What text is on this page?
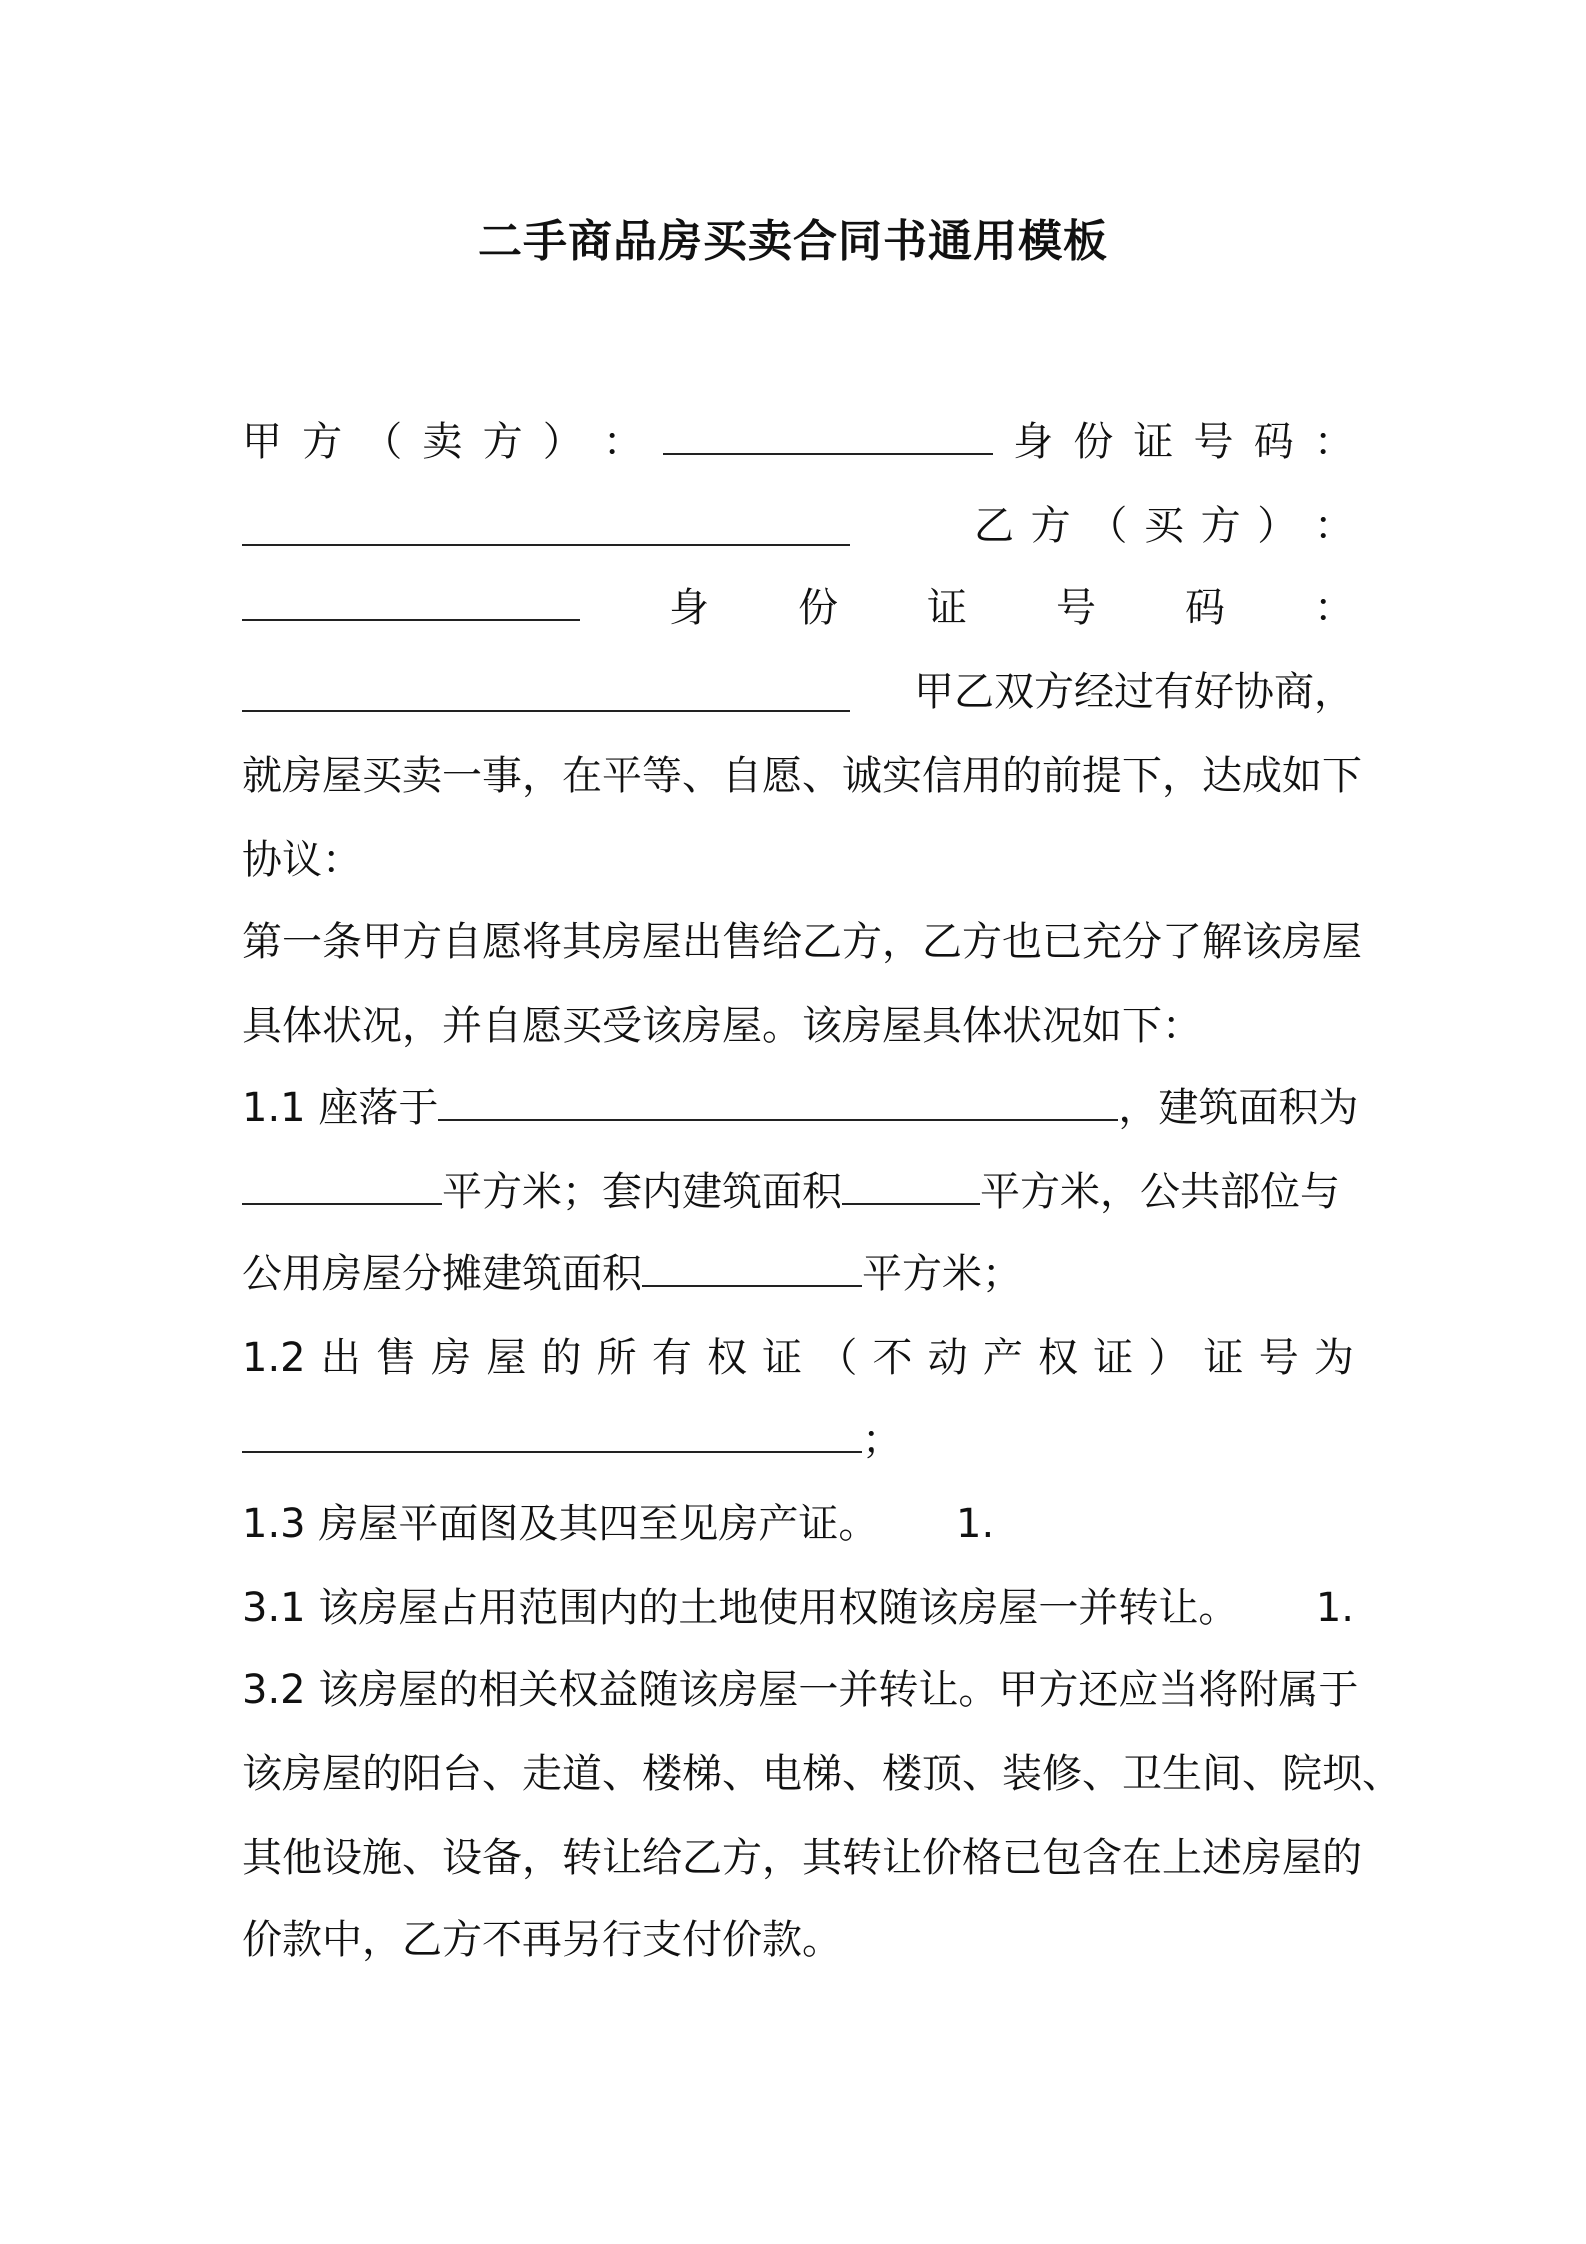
二手商品房买卖合同书通用模板
甲 方 （ 卖 方 ） ：	身 份 证 号 码 ：
乙 方 （ 买 方 ） ：
身 份 证 号 码 ：
甲乙双方经过有好协商，
就房屋买卖一事，在平等、自愿、诚实信用的前提下，达成如下
协议：
第一条甲方自愿将其房屋出售给乙方，乙方也已充分了解该房屋
具体状况，并自愿买受该房屋。该房屋具体状况如下：
1.1 座落于	，建筑面积为
平方米；套内建筑面积	平方米，公共部位与
公用房屋分摊建筑面积	平方米；
1.2 出 售 房 屋 的 所 有 权 证 （ 不 动 产 权 证 ） 证 号 为
；
1.3 房屋平面图及其四至见房产证。 1.
3.1 该房屋占用范围内的土地使用权随该房屋一并转让。 1.
3.2 该房屋的相关权益随该房屋一并转让。甲方还应当将附属于
该房屋的阳台、走道、楼梯、电梯、楼顶、装修、卫生间、院坝、
其他设施、设备，转让给乙方，其转让价格已包含在上述房屋的
价款中，乙方不再另行支付价款。
